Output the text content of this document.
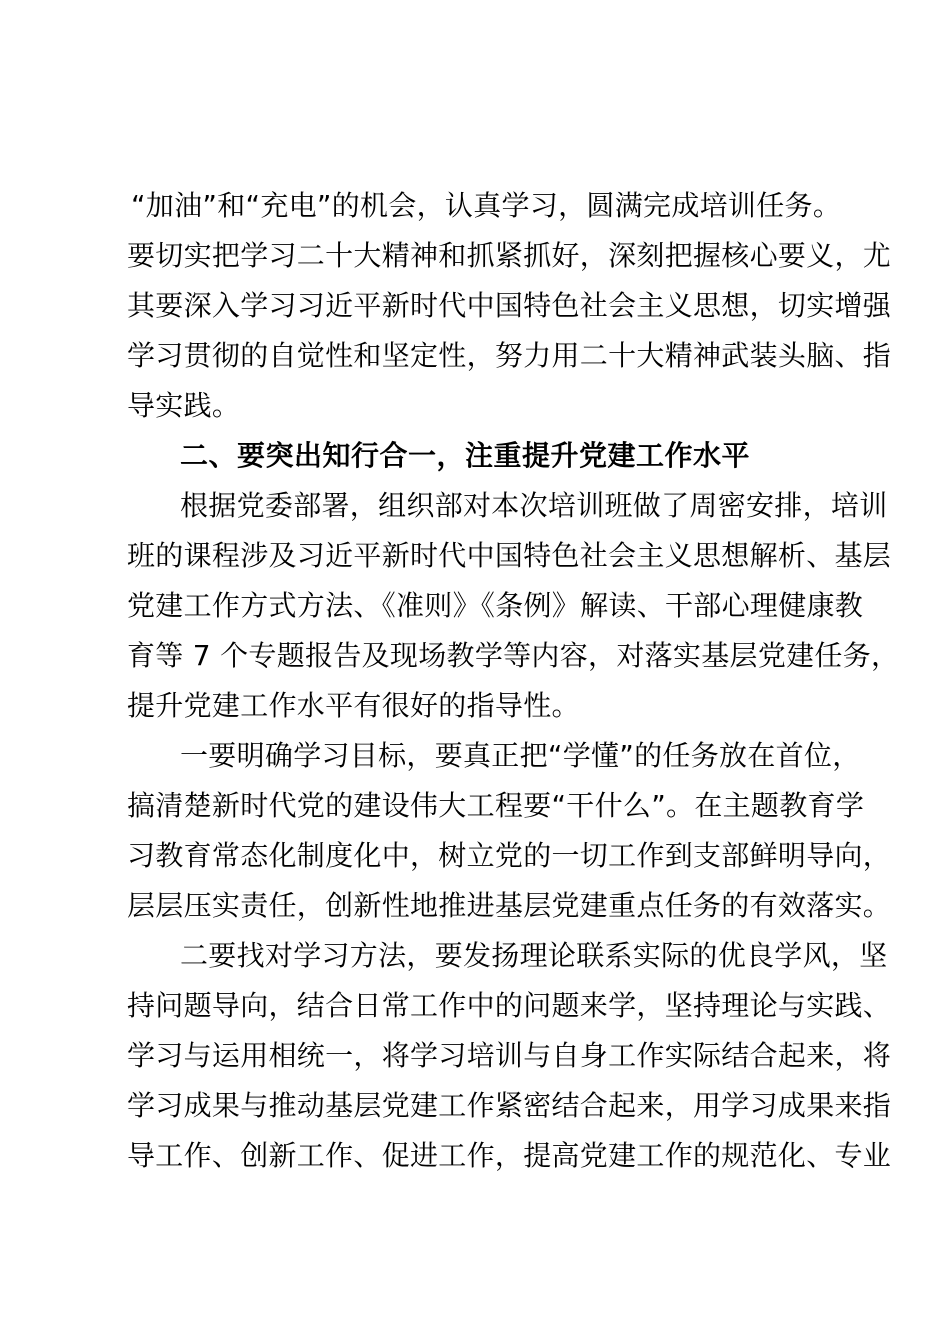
“加油”和“充电”的机会，认真学习，圆满完成培训任务。
要切实把学习二十大精神和抓紧抓好，深刻把握核心要义，尤
其要深入学习习近平新时代中国特色社会主义思想，切实增强
学习贯彻的自觉性和坚定性，努力用二十大精神武装头脑、指
导实践。
二、要突出知行合一，注重提升党建工作水平
根据党委部署，组织部对本次培训班做了周密安排，培训
班的课程涉及习近平新时代中国特色社会主义思想解析、基层
党建工作方式方法、《准则》《条例》解读、干部心理健康教
育等 7 个专题报告及现场教学等内容，对落实基层党建任务，
提升党建工作水平有很好的指导性。
一要明确学习目标，要真正把“学懂”的任务放在首位，
搞清楚新时代党的建设伟大工程要“干什么”。在主题教育学
习教育常态化制度化中，树立党的一切工作到支部鲜明导向，
层层压实责任，创新性地推进基层党建重点任务的有效落实。
二要找对学习方法，要发扬理论联系实际的优良学风，坚
持问题导向，结合日常工作中的问题来学，坚持理论与实践、
学习与运用相统一，将学习培训与自身工作实际结合起来，将
学习成果与推动基层党建工作紧密结合起来，用学习成果来指
导工作、创新工作、促进工作，提高党建工作的规范化、专业
